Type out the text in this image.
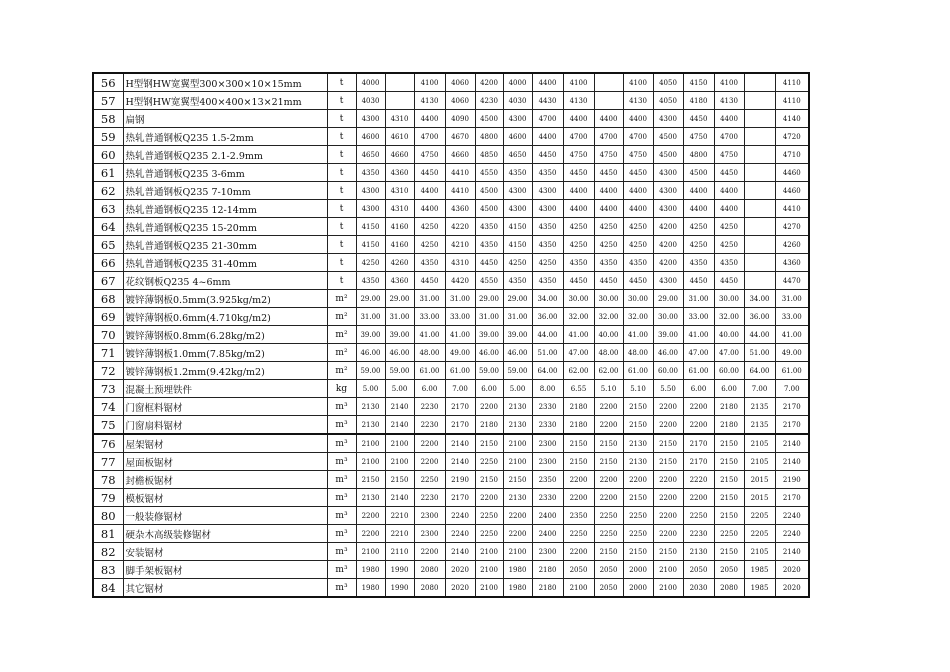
56	H型钢HW宽翼型300×300×10×15mm	t	4000		4100	4060	4200	4000	4400	4100		4100	4050	4150	4100		4110
57	H型钢HW宽翼型400×400×13×21mm	t	4030		4130	4060	4230	4030	4430	4130		4130	4050	4180	4130		4110
58	扁钢	t	4300	4310	4400	4090	4500	4300	4700	4400	4400	4400	4300	4450	4400		4140
59	热轧普通钢板Q235 1.5-2mm	t	4600	4610	4700	4670	4800	4600	4400	4700	4700	4700	4500	4750	4700		4720
60	热轧普通钢板Q235 2.1-2.9mm	t	4650	4660	4750	4660	4850	4650	4450	4750	4750	4750	4500	4800	4750		4710
61	热轧普通钢板Q235 3-6mm	t	4350	4360	4450	4410	4550	4350	4350	4450	4450	4450	4300	4500	4450		4460
62	热轧普通钢板Q235 7-10mm	t	4300	4310	4400	4410	4500	4300	4300	4400	4400	4400	4300	4400	4400		4460
63	热轧普通钢板Q235 12-14mm	t	4300	4310	4400	4360	4500	4300	4300	4400	4400	4400	4300	4400	4400		4410
64	热轧普通钢板Q235 15-20mm	t	4150	4160	4250	4220	4350	4150	4350	4250	4250	4250	4200	4250	4250		4270
65	热轧普通钢板Q235 21-30mm	t	4150	4160	4250	4210	4350	4150	4350	4250	4250	4250	4200	4250	4250		4260
66	热轧普通钢板Q235 31-40mm	t	4250	4260	4350	4310	4450	4250	4250	4350	4350	4350	4200	4350	4350		4360
67	花纹钢板Q235 4~6mm	t	4350	4360	4450	4420	4550	4350	4350	4450	4450	4450	4300	4450	4450		4470
68	镀锌薄钢板0.5mm(3.925kg/m2)	m²	29.00	29.00	31.00	31.00	29.00	29.00	34.00	30.00	30.00	30.00	29.00	31.00	30.00	34.00	31.00
69	镀锌薄钢板0.6mm(4.710kg/m2)	m²	31.00	31.00	33.00	33.00	31.00	31.00	36.00	32.00	32.00	32.00	30.00	33.00	32.00	36.00	33.00
70	镀锌薄钢板0.8mm(6.28kg/m2)	m²	39.00	39.00	41.00	41.00	39.00	39.00	44.00	41.00	40.00	41.00	39.00	41.00	40.00	44.00	41.00
71	镀锌薄钢板1.0mm(7.85kg/m2)	m²	46.00	46.00	48.00	49.00	46.00	46.00	51.00	47.00	48.00	48.00	46.00	47.00	47.00	51.00	49.00
72	镀锌薄钢板1.2mm(9.42kg/m2)	m²	59.00	59.00	61.00	61.00	59.00	59.00	64.00	62.00	62.00	61.00	60.00	61.00	60.00	64.00	61.00
73	混凝土预埋铁件	kg	5.00	5.00	6.00	7.00	6.00	5.00	8.00	6.55	5.10	5.10	5.50	6.00	6.00	7.00	7.00
74	门窗框料锯材	m³	2130	2140	2230	2170	2200	2130	2330	2180	2200	2150	2200	2200	2180	2135	2170
75	门窗扇料锯材	m³	2130	2140	2230	2170	2180	2130	2330	2180	2200	2150	2200	2200	2180	2135	2170
76	屋架锯材	m³	2100	2100	2200	2140	2150	2100	2300	2150	2150	2130	2150	2170	2150	2105	2140
77	屋面板锯材	m³	2100	2100	2200	2140	2250	2100	2300	2150	2150	2130	2150	2170	2150	2105	2140
78	封檐板锯材	m³	2150	2150	2250	2190	2150	2150	2350	2200	2200	2200	2200	2220	2150	2015	2190
79	模板锯材	m³	2130	2140	2230	2170	2200	2130	2330	2200	2200	2150	2200	2200	2150	2015	2170
80	一般装修锯材	m³	2200	2210	2300	2240	2250	2200	2400	2350	2250	2250	2200	2250	2150	2205	2240
81	硬杂木高级装修锯材	m³	2200	2210	2300	2240	2250	2200	2400	2250	2250	2250	2200	2230	2250	2205	2240
82	安装锯材	m³	2100	2110	2200	2140	2100	2100	2300	2200	2150	2150	2150	2130	2150	2105	2140
83	脚手架板锯材	m³	1980	1990	2080	2020	2100	1980	2180	2050	2050	2000	2100	2050	2050	1985	2020
84	其它锯材	m³	1980	1990	2080	2020	2100	1980	2180	2100	2050	2000	2100	2030	2080	1985	2020
